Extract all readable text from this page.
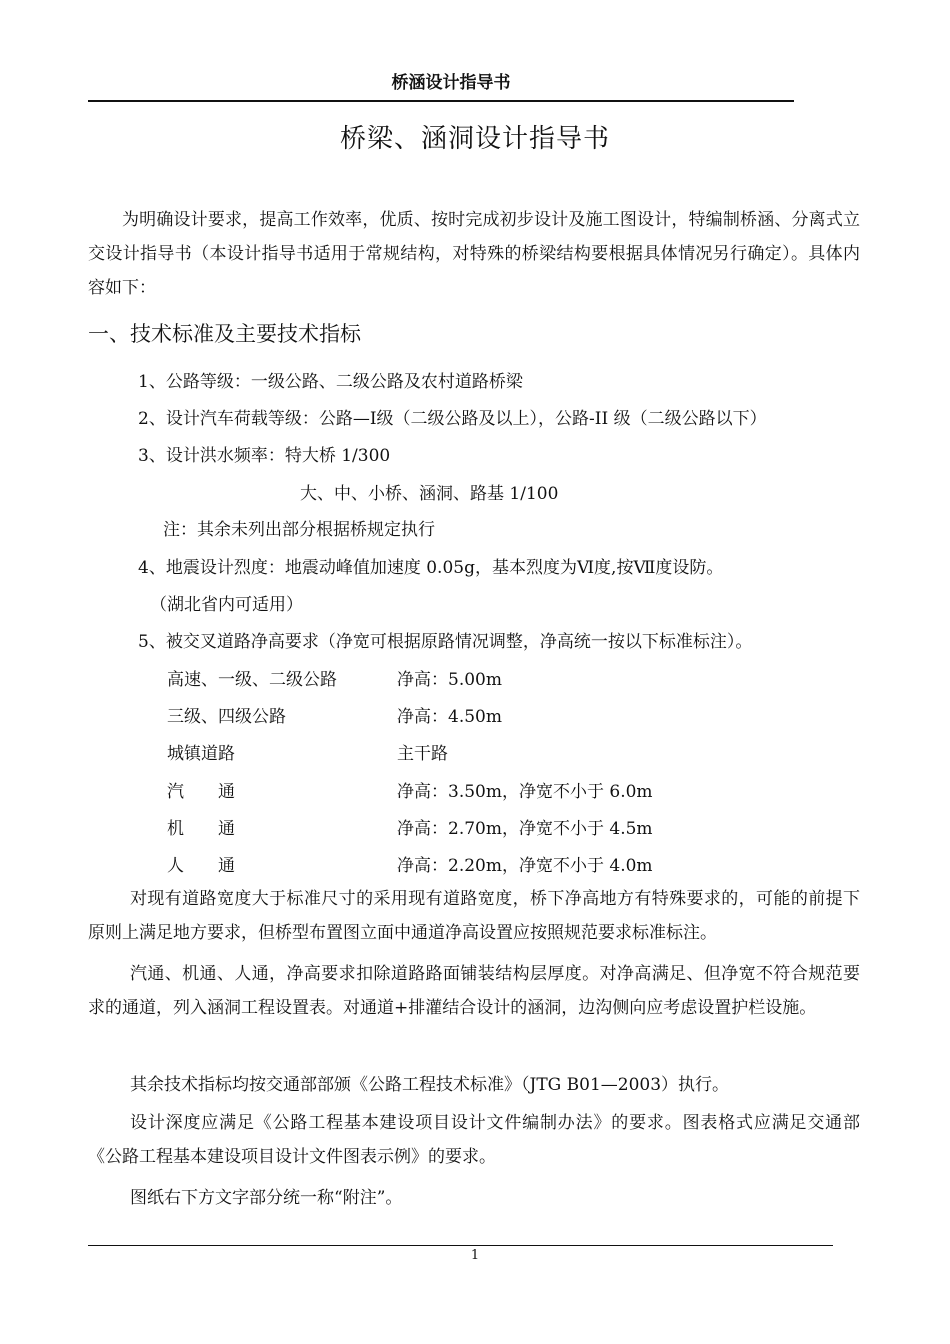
桥涵设计指导书
桥梁、涵洞设计指导书
为明确设计要求，提高工作效率，优质、按时完成初步设计及施工图设计，特编制桥涵、分离式立交设计指导书（本设计指导书适用于常规结构，对特殊的桥梁结构要根据具体情况另行确定）。具体内容如下：
一、技术标准及主要技术指标
1、公路等级：一级公路、二级公路及农村道路桥梁
2、设计汽车荷载等级：公路—Ⅰ级（二级公路及以上），公路-II 级（二级公路以下）
3、设计洪水频率：特大桥 1/300
大、中、小桥、涵洞、路基 1/100
注：其余未列出部分根据桥规定执行
4、地震设计烈度：地震动峰值加速度 0.05g，基本烈度为Ⅵ度,按Ⅶ度设防。
（湖北省内可适用）
5、被交叉道路净高要求（净宽可根据原路情况调整，净高统一按以下标准标注）。
高速、一级、二级公路	净高：5.00m
三级、四级公路	净高：4.50m
城镇道路	主干路
汽　　通	净高：3.50m，净宽不小于 6.0m
机　　通	净高：2.70m，净宽不小于 4.5m
人　　通	净高：2.20m，净宽不小于 4.0m
对现有道路宽度大于标准尺寸的采用现有道路宽度，桥下净高地方有特殊要求的，可能的前提下原则上满足地方要求，但桥型布置图立面中通道净高设置应按照规范要求标准标注。
汽通、机通、人通，净高要求扣除道路路面铺装结构层厚度。对净高满足、但净宽不符合规范要求的通道，列入涵洞工程设置表。对通道+排灌结合设计的涵洞，边沟侧向应考虑设置护栏设施。
其余技术指标均按交通部部颁《公路工程技术标准》（JTG B01—2003）执行。
设计深度应满足《公路工程基本建设项目设计文件编制办法》的要求。图表格式应满足交通部《公路工程基本建设项目设计文件图表示例》的要求。
图纸右下方文字部分统一称“附注”。
1
